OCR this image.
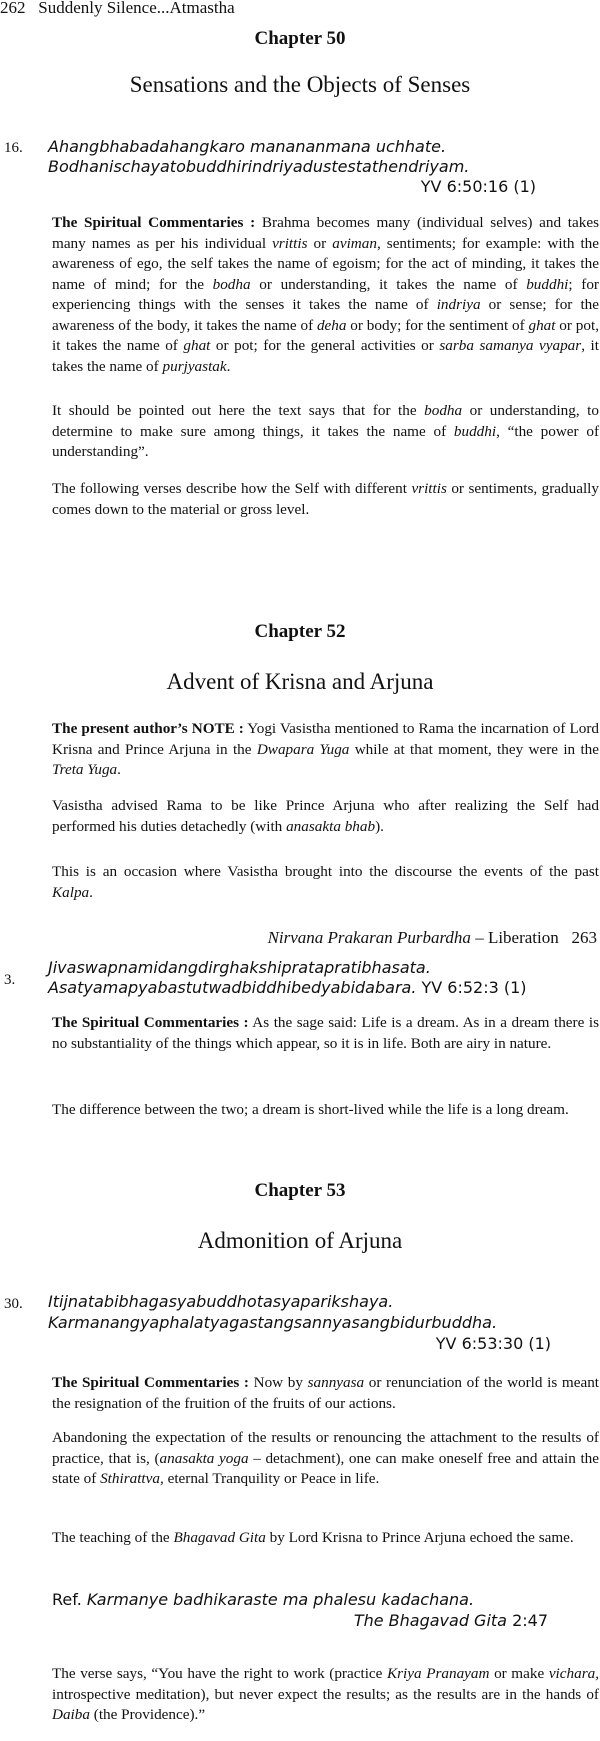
262 Suddenly Silence...Atmastha
Chapter 50
Sensations and the Objects of Senses
16. Ahangbhabadahangkaro manananmana uchhate.
Bodhanischayatobuddhirindriyadustestathendriyam.
YV 6:50:16 (1)
The Spiritual Commentaries : Brahma becomes many (individual selves) and takes many names as per his individual vrittis or aviman, sentiments; for example: with the awareness of ego, the self takes the name of egoism; for the act of minding, it takes the name of mind; for the bodha or understanding, it takes the name of buddhi; for experiencing things with the senses it takes the name of indriya or sense; for the awareness of the body, it takes the name of deha or body; for the sentiment of ghat or pot, it takes the name of ghat or pot; for the general activities or sarba samanya vyapar, it takes the name of purjyastak.
It should be pointed out here the text says that for the bodha or understanding, to determine to make sure among things, it takes the name of buddhi, “the power of understanding”.
The following verses describe how the Self with different vrittis or sentiments, gradually comes down to the material or gross level.
Chapter 52
Advent of Krisna and Arjuna
The present author’s NOTE : Yogi Vasistha mentioned to Rama the incarnation of Lord Krisna and Prince Arjuna in the Dwapara Yuga while at that moment, they were in the Treta Yuga.
Vasistha advised Rama to be like Prince Arjuna who after realizing the Self had performed his duties detachedly (with anasakta bhab).
This is an occasion where Vasistha brought into the discourse the events of the past Kalpa.
Nirvana Prakaran Purbardha – Liberation 263
3.
Jivaswapnamidangdirghakshipratapratibhasata.
Asatyamapyabastutwadbiddhibedyabidabara. YV 6:52:3 (1)
The Spiritual Commentaries : As the sage said: Life is a dream. As in a dream there is no substantiality of the things which appear, so it is in life. Both are airy in nature.
The difference between the two; a dream is short-lived while the life is a long dream.
Chapter 53
Admonition of Arjuna
30. Itijnatabibhagasyabuddhotasyaparikshaya.
Karmanangyaphalatyagastangsannyasangbidurbuddha.
YV 6:53:30 (1)
The Spiritual Commentaries : Now by sannyasa or renunciation of the world is meant the resignation of the fruition of the fruits of our actions.
Abandoning the expectation of the results or renouncing the attachment to the results of practice, that is, (anasakta yoga – detachment), one can make oneself free and attain the state of Sthirattva, eternal Tranquility or Peace in life.
The teaching of the Bhagavad Gita by Lord Krisna to Prince Arjuna echoed the same.
Ref. Karmanye badhikaraste ma phalesu kadachana.
The Bhagavad Gita 2:47
The verse says, “You have the right to work (practice Kriya Pranayam or make vichara, introspective meditation), but never expect the results; as the results are in the hands of Daiba (the Providence).”
